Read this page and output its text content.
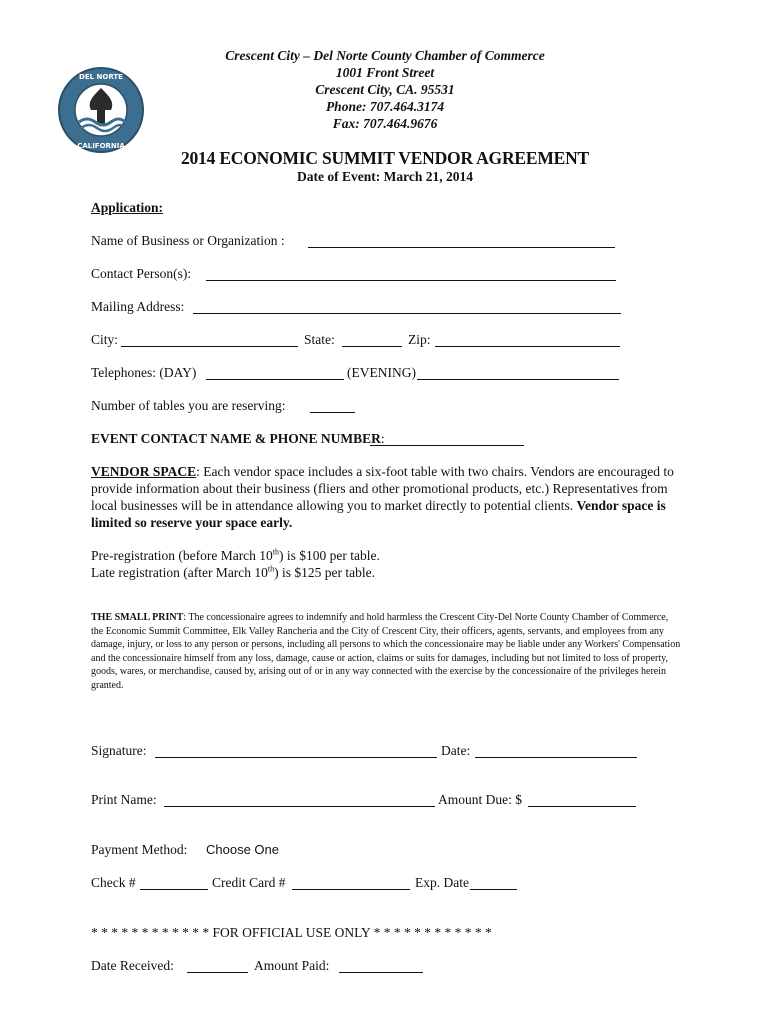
DEL NORTE
CALIFORNIA
Crescent City – Del Norte County Chamber of Commerce
1001 Front Street
Crescent City, CA. 95531
Phone: 707.464.3174
Fax: 707.464.9676
2014 ECONOMIC SUMMIT VENDOR AGREEMENT
Date of Event: March 21, 2014
Application:
Name of Business or Organization :
Contact Person(s):
Mailing Address:
City:	State:	Zip:
Telephones: (DAY)	(EVENING)
Number of tables you are reserving:
EVENT CONTACT NAME & PHONE NUMBER:
VENDOR SPACE: Each vendor space includes a six-foot table with two chairs. Vendors are encouraged to provide information about their business (fliers and other promotional products, etc.) Representatives from local businesses will be in attendance allowing you to market directly to potential clients. Vendor space is limited so reserve your space early.
Pre-registration (before March 10th) is $100 per table.
Late registration (after March 10th) is $125 per table.
THE SMALL PRINT: The concessionaire agrees to indemnify and hold harmless the Crescent City-Del Norte County Chamber of Commerce, the Economic Summit Committee, Elk Valley Rancheria and the City of Crescent City, their officers, agents, servants, and employees from any damage, injury, or loss to any person or persons, including all persons to which the concessionaire may be liable under any Workers' Compensation and the concessionaire himself from any loss, damage, cause or action, claims or suits for damages, including but not limited to loss of property, goods, wares, or merchandise, caused by, arising out of or in any way connected with the exercise by the concessionaire of the privileges herein granted.
Signature:	Date:
Print Name:	Amount Due: $
Payment Method: Choose One
Check #	Credit Card #	Exp. Date
* * * * * * * * * * * * FOR OFFICIAL USE ONLY * * * * * * * * * * * *
Date Received:	Amount Paid:
